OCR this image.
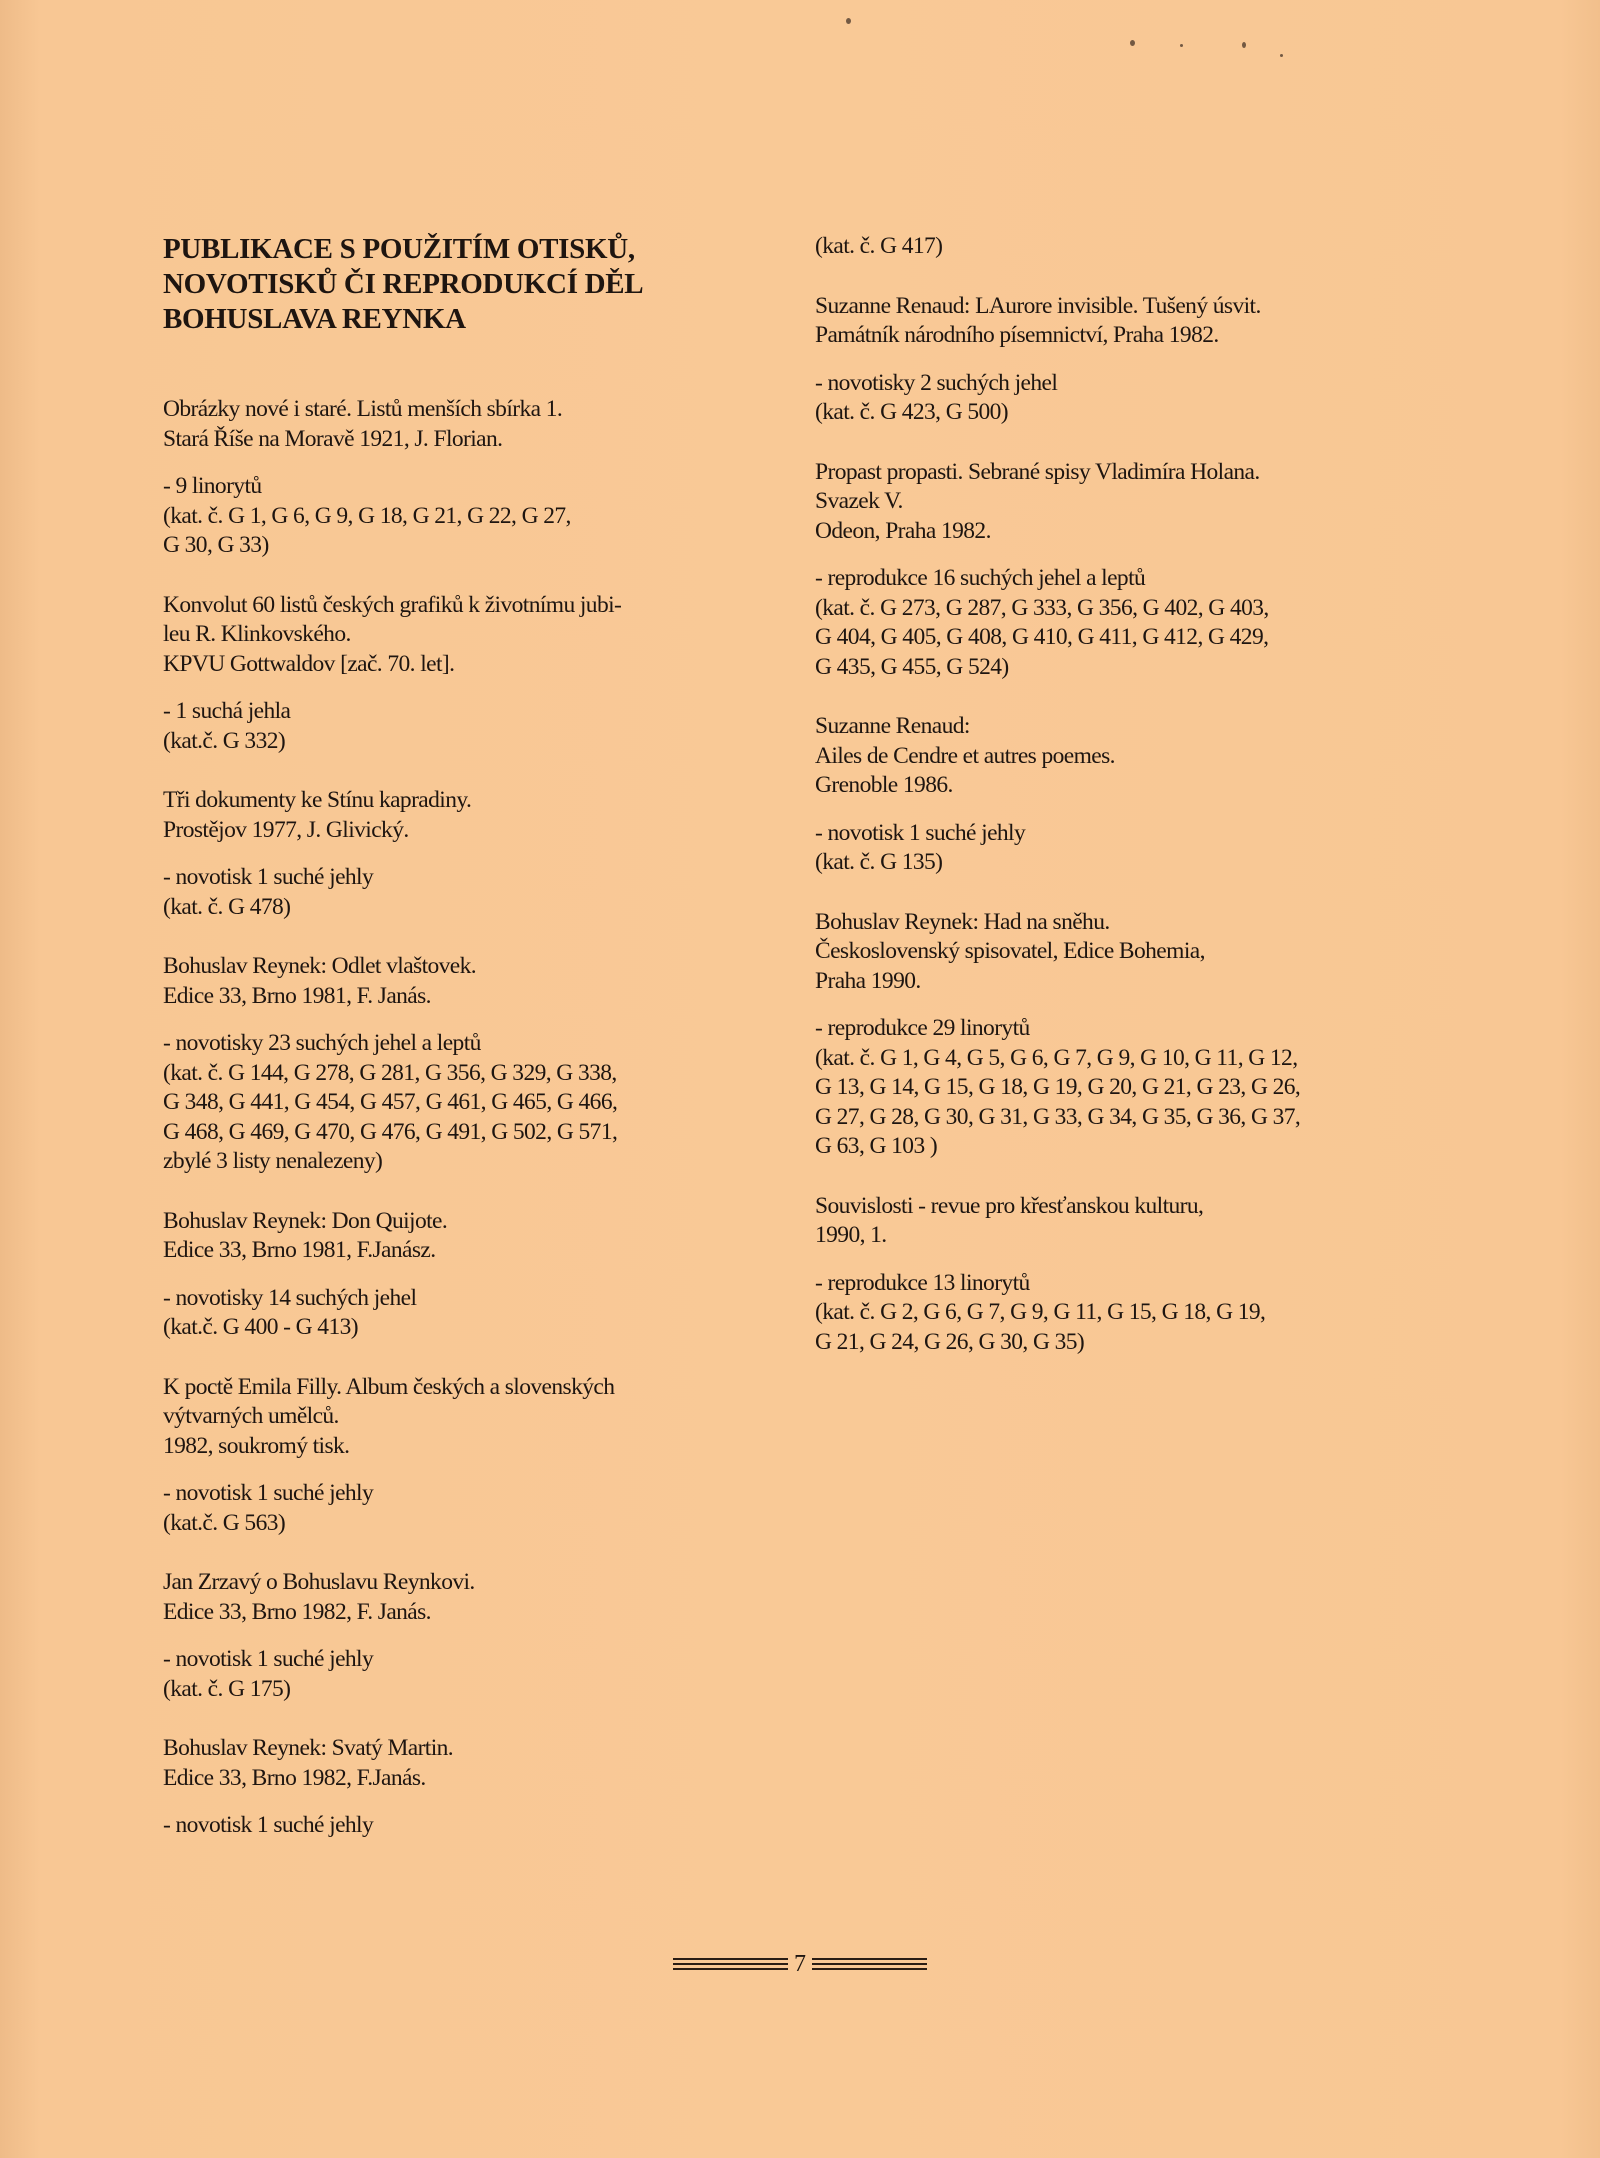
PUBLIKACE S POUŽITÍM OTISKŮ,
NOVOTISKŮ ČI REPRODUKCÍ DĚL
BOHUSLAVA REYNKA

Obrázky nové i staré. Listů menších sbírka 1.
Stará Říše na Moravě 1921, J. Florian.

- 9 linorytů
(kat. č. G 1, G 6, G 9, G 18, G 21, G 22, G 27,
G 30, G 33)

Konvolut 60 listů českých grafiků k životnímu jubi-
leu R. Klinkovského.
KPVU Gottwaldov [zač. 70. let].

- 1 suchá jehla
(kat.č. G 332)

Tři dokumenty ke Stínu kapradiny.
Prostějov 1977, J. Glivický.

- novotisk 1 suché jehly
(kat. č. G 478)

Bohuslav Reynek: Odlet vlaštovek.
Edice 33, Brno 1981, F. Janás.

- novotisky 23 suchých jehel a leptů
(kat. č. G 144, G 278, G 281, G 356, G 329, G 338,
G 348, G 441, G 454, G 457, G 461, G 465, G 466,
G 468, G 469, G 470, G 476, G 491, G 502, G 571,
zbylé 3 listy nenalezeny)

Bohuslav Reynek: Don Quijote.
Edice 33, Brno 1981, F.Janász.

- novotisky 14 suchých jehel
(kat.č. G 400 - G 413)

K poctě Emila Filly. Album českých a slovenských
výtvarných umělců.
1982, soukromý tisk.

- novotisk 1 suché jehly
(kat.č. G 563)

Jan Zrzavý o Bohuslavu Reynkovi.
Edice 33, Brno 1982, F. Janás.

- novotisk 1 suché jehly
(kat. č. G 175)

Bohuslav Reynek: Svatý Martin.
Edice 33, Brno 1982, F.Janás.

- novotisk 1 suché jehly

(kat. č. G 417)

Suzanne Renaud: LAurore invisible. Tušený úsvit.
Památník národního písemnictví, Praha 1982.

- novotisky 2 suchých jehel
(kat. č. G 423, G 500)

Propast propasti. Sebrané spisy Vladimíra Holana.
Svazek V.
Odeon, Praha 1982.

- reprodukce 16 suchých jehel a leptů
(kat. č. G 273, G 287, G 333, G 356, G 402, G 403,
G 404, G 405, G 408, G 410, G 411, G 412, G 429,
G 435, G 455, G 524)

Suzanne Renaud:
Ailes de Cendre et autres poemes.
Grenoble 1986.

- novotisk 1 suché jehly
(kat. č. G 135)

Bohuslav Reynek: Had na sněhu.
Československý spisovatel, Edice Bohemia,
Praha 1990.

- reprodukce 29 linorytů
(kat. č. G 1, G 4, G 5, G 6, G 7, G 9, G 10, G 11, G 12,
G 13, G 14, G 15, G 18, G 19, G 20, G 21, G 23, G 26,
G 27, G 28, G 30, G 31, G 33, G 34, G 35, G 36, G 37,
G 63, G 103 )

Souvislosti - revue pro křesťanskou kulturu,
1990, 1.

- reprodukce 13 linorytů
(kat. č. G 2, G 6, G 7, G 9, G 11, G 15, G 18, G 19,
G 21, G 24, G 26, G 30, G 35)

7
